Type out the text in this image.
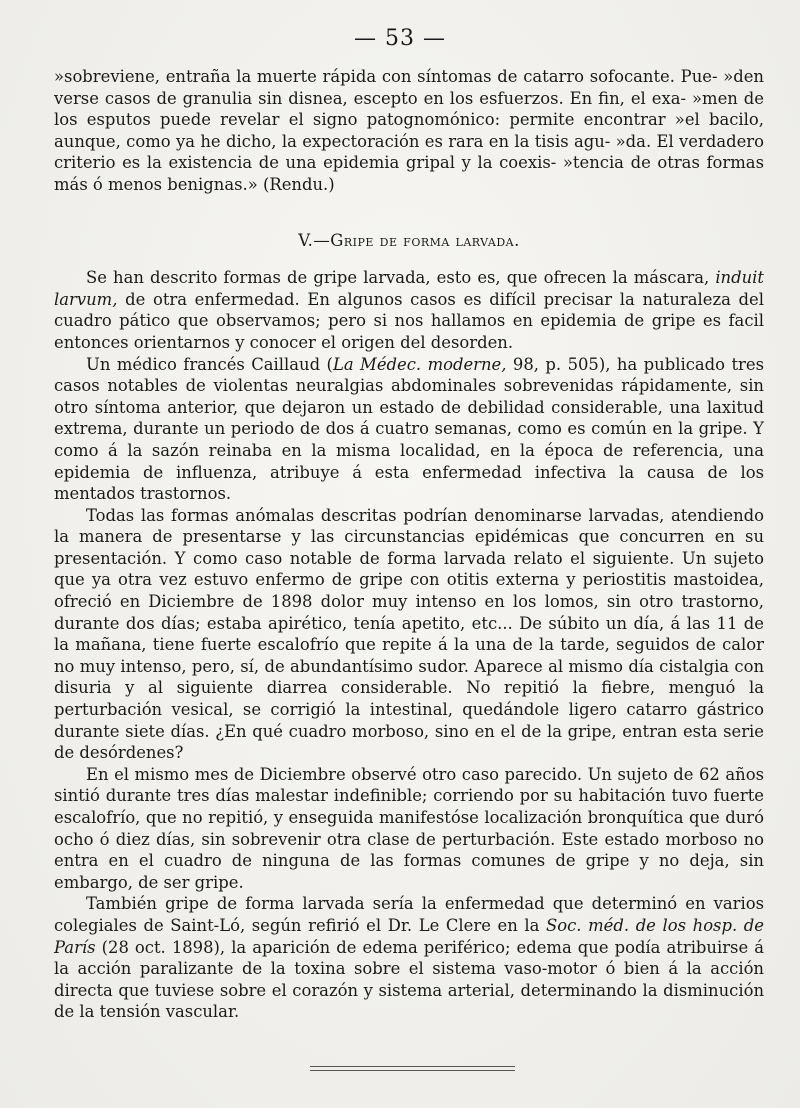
— 53 —

»sobreviene, entraña la muerte rápida con síntomas de catarro sofocante. Pue- »den verse casos de granulia sin disnea, escepto en los esfuerzos. En fin, el exa- »men de los esputos puede revelar el signo patognomónico: permite encontrar »el bacilo, aunque, como ya he dicho, la expectoración es rara en la tisis agu- »da. El verdadero criterio es la existencia de una epidemia gripal y la coexis- »tencia de otras formas más ó menos benignas.» (Rendu.)

V.—Gripe de forma larvada.

Se han descrito formas de gripe larvada, esto es, que ofrecen la máscara, induit larvum, de otra enfermedad. En algunos casos es difícil precisar la naturaleza del cuadro pático que observamos; pero si nos hallamos en epidemia de gripe es facil entonces orientarnos y conocer el origen del desorden.

Un médico francés Caillaud (La Médec. moderne, 98, p. 505), ha publicado tres casos notables de violentas neuralgias abdominales sobrevenidas rápidamente, sin otro síntoma anterior, que dejaron un estado de debilidad considerable, una laxitud extrema, durante un periodo de dos á cuatro semanas, como es común en la gripe. Y como á la sazón reinaba en la misma localidad, en la época de referencia, una epidemia de influenza, atribuye á esta enfermedad infectiva la causa de los mentados trastornos.

Todas las formas anómalas descritas podrían denominarse larvadas, atendiendo la manera de presentarse y las circunstancias epidémicas que concurren en su presentación. Y como caso notable de forma larvada relato el siguiente. Un sujeto que ya otra vez estuvo enfermo de gripe con otitis externa y periostitis mastoidea, ofreció en Diciembre de 1898 dolor muy intenso en los lomos, sin otro trastorno, durante dos días; estaba apirético, tenía apetito, etc... De súbito un día, á las 11 de la mañana, tiene fuerte escalofrío que repite á la una de la tarde, seguidos de calor no muy intenso, pero, sí, de abundantísimo sudor. Aparece al mismo día cistalgia con disuria y al siguiente diarrea considerable. No repitió la fiebre, menguó la perturbación vesical, se corrigió la intestinal, quedándole ligero catarro gástrico durante siete días. ¿En qué cuadro morboso, sino en el de la gripe, entran esta serie de desórdenes?

En el mismo mes de Diciembre observé otro caso parecido. Un sujeto de 62 años sintió durante tres días malestar indefinible; corriendo por su habitación tuvo fuerte escalofrío, que no repitió, y enseguida manifestóse localización bronquítica que duró ocho ó diez días, sin sobrevenir otra clase de perturbación. Este estado morboso no entra en el cuadro de ninguna de las formas comunes de gripe y no deja, sin embargo, de ser gripe.

También gripe de forma larvada sería la enfermedad que determinó en varios colegiales de Saint-Ló, según refirió el Dr. Le Clere en la Soc. méd. de los hosp. de París (28 oct. 1898), la aparición de edema periférico; edema que podía atribuirse á la acción paralizante de la toxina sobre el sistema vaso-motor ó bien á la acción directa que tuviese sobre el corazón y sistema arterial, determinando la disminución de la tensión vascular.
